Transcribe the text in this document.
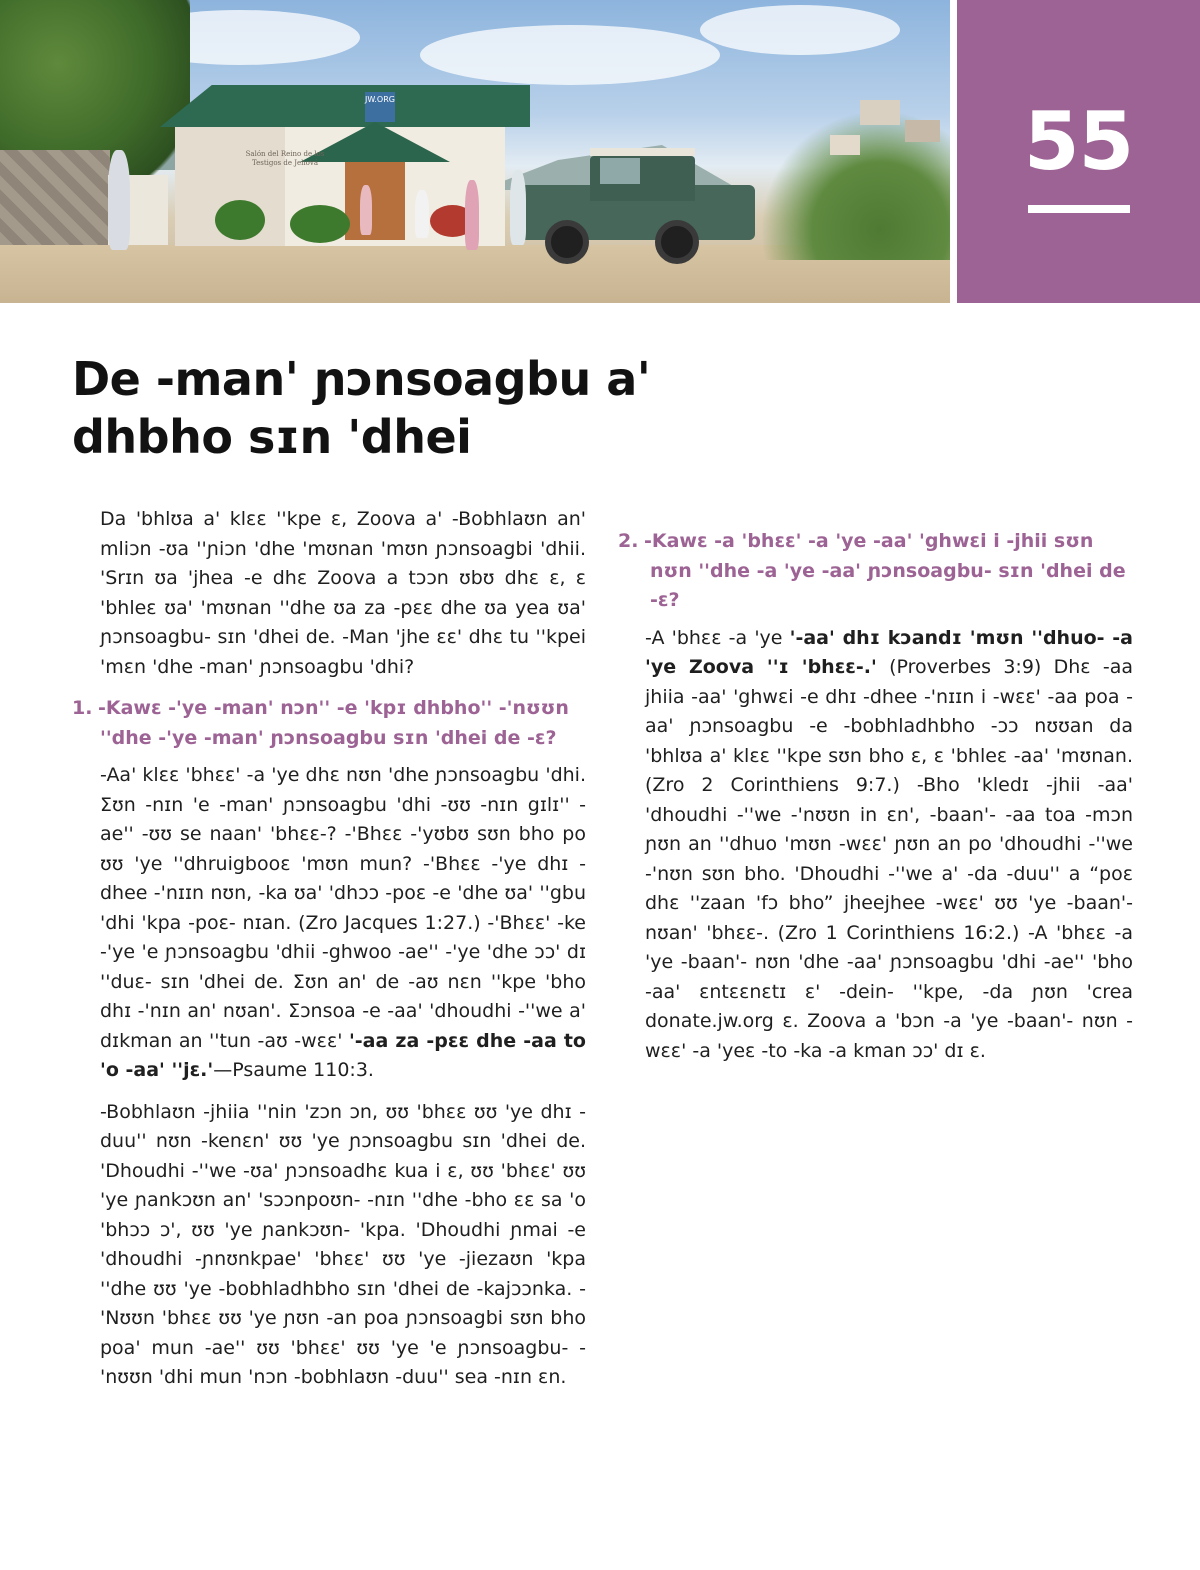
JW.ORG
Salón del Reino de los Testigos de Jehová	55
De -man' ɲɔnsoagbu a' dhbho sɪn 'dhei

Da 'bhlʊa a' klɛɛ ''kpe ɛ, Zoova a' -Bobhlaʊn an' mliɔn -ʊa ''ɲiɔn 'dhe 'mʊnan 'mʊn ɲɔnsoagbi 'dhii. 'Srɪn ʊa 'jhea -e dhɛ Zoova a tɔɔn ʊbʊ dhɛ ɛ, ɛ 'bhleɛ ʊa' 'mʊnan ''dhe ʊa za -pɛɛ dhe ʊa yea ʊa' ɲɔnsoagbu- sɪn 'dhei de. -Man 'jhe ɛɛ' dhɛ tu ''kpei 'mɛn 'dhe -man' ɲɔnsoagbu 'dhi?

1. -Kawɛ -'ye -man' nɔn'' -e 'kpɪ dhbho'' -'nʊʊn ''dhe -'ye -man' ɲɔnsoagbu sɪn 'dhei de -ɛ?

-Aa' klɛɛ 'bhɛɛ' -a 'ye dhɛ nʊn 'dhe ɲɔnsoagbu 'dhi. Ʃʊn -nɪn 'e -man' ɲɔnsoagbu 'dhi -ʊʊ -nɪn gɪlɪ'' -ae'' -ʊʊ se naan' 'bhɛɛ-? -'Bhɛɛ -'yʊbʊ sʊn bho po ʊʊ 'ye ''dhruigbooɛ 'mʊn mun? -'Bhɛɛ -'ye dhɪ -dhee -'nɪɪn nʊn, -ka ʊa' 'dhɔɔ -poɛ -e 'dhe ʊa' ''gbu 'dhi 'kpa -poɛ- nɪan. (Zro Jacques 1:27.) -'Bhɛɛ' -ke -'ye 'e ɲɔnsoagbu 'dhii -ghwoo -ae'' -'ye 'dhe ɔɔ' dɪ ''duɛ- sɪn 'dhei de. Ʃʊn an' de -aʊ nɛn ''kpe 'bho dhɪ -'nɪn an' nʊan'. Ʃɔnsoa -e -aa' 'dhoudhi -''we a' dɪkman an ''tun -aʊ -wɛɛ' '-aa za -pɛɛ dhe -aa to 'o -aa' ''jɛ.'—Psaume 110:3.

-Bobhlaʊn -jhiia ''nin 'zɔn ɔn, ʊʊ 'bhɛɛ ʊʊ 'ye dhɪ -duu'' nʊn -kenɛn' ʊʊ 'ye ɲɔnsoagbu sɪn 'dhei de. 'Dhoudhi -''we -ʊa' ɲɔnsoadhɛ kua i ɛ, ʊʊ 'bhɛɛ' ʊʊ 'ye ɲankɔʊn an' 'sɔɔnpoʊn- -nɪn ''dhe -bho ɛɛ sa 'o 'bhɔɔ ɔ', ʊʊ 'ye ɲankɔʊn- 'kpa. 'Dhoudhi ɲmai -e 'dhoudhi -ɲnʊnkpae' 'bhɛɛ' ʊʊ 'ye -jiezaʊn 'kpa ''dhe ʊʊ 'ye -bobhladhbho sɪn 'dhei de -kajɔɔnka. -'Nʊʊn 'bhɛɛ ʊʊ 'ye ɲʊn -an poa ɲɔnsoagbi sʊn bho poa' mun -ae'' ʊʊ 'bhɛɛ' ʊʊ 'ye 'e ɲɔnsoagbu- -'nʊʊn 'dhi mun 'nɔn -bobhlaʊn -duu'' sea -nɪn ɛn.

2. -Kawɛ -a 'bhɛɛ' -a 'ye -aa' 'ghwɛi i -jhii sʊn nʊn ''dhe -a 'ye -aa' ɲɔnsoagbu- sɪn 'dhei de -ɛ?

-A 'bhɛɛ -a 'ye '-aa' dhɪ kɔandɪ 'mʊn ''dhuo- -a 'ye Zoova ''ɪ 'bhɛɛ-.' (Proverbes 3:9) Dhɛ -aa jhiia -aa' 'ghwɛi -e dhɪ -dhee -'nɪɪn i -wɛɛ' -aa poa -aa' ɲɔnsoagbu -e -bobhladhbho -ɔɔ nʊʊan da 'bhlʊa a' klɛɛ ''kpe sʊn bho ɛ, ɛ 'bhleɛ -aa' 'mʊnan. (Zro 2 Corinthiens 9:7.) -Bho 'kledɪ -jhii -aa' 'dhoudhi -''we -'nʊʊn in ɛn', -baan'- -aa toa -mɔn ɲʊn an ''dhuo 'mʊn -wɛɛ' ɲʊn an po 'dhoudhi -''we -'nʊn sʊn bho. 'Dhoudhi -''we a' -da -duu'' a “poɛ dhɛ ''zaan 'fɔ bho” jheejhee -wɛɛ' ʊʊ 'ye -baan'- nʊan' 'bhɛɛ-. (Zro 1 Corinthiens 16:2.) -A 'bhɛɛ -a 'ye -baan'- nʊn 'dhe -aa' ɲɔnsoagbu 'dhi -ae'' 'bho -aa' ɛntɛɛnɛtɪ ɛ' -dein- ''kpe, -da ɲʊn 'crea donate.jw.org ɛ. Zoova a 'bɔn -a 'ye -baan'- nʊn -wɛɛ' -a 'yeɛ -to -ka -a kman ɔɔ' dɪ ɛ.
